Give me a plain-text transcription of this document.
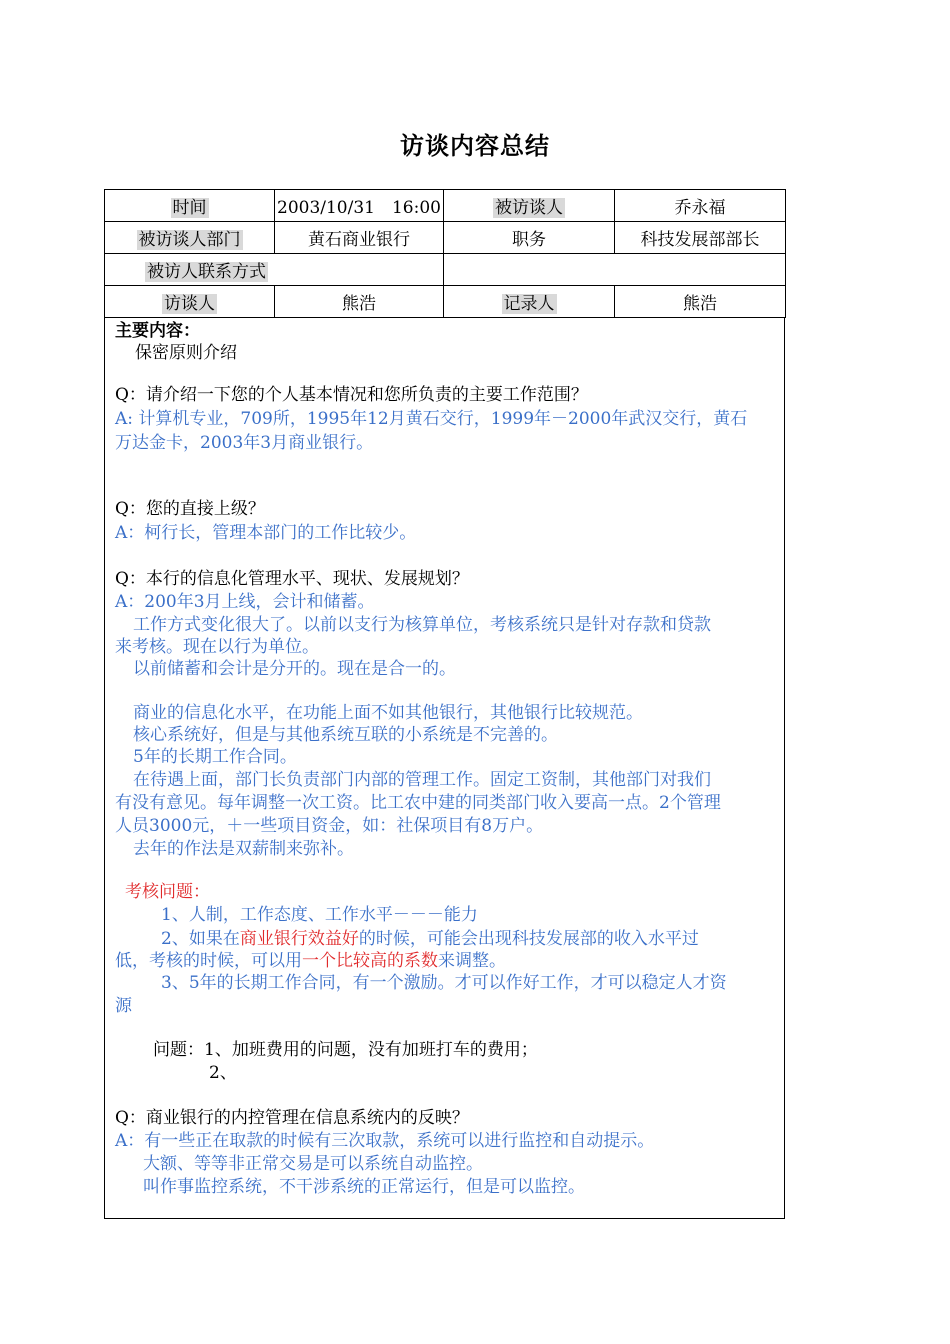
访谈内容总结
时间	2003/10/31　16:00	被访谈人	乔永福
被访谈人部门	黄石商业银行	职务	科技发展部部长
被访人联系方式			
访谈人	熊浩	记录人	熊浩
主要内容：
保密原则介绍
Q：请介绍一下您的个人基本情况和您所负责的主要工作范围？
A: 计算机专业，709所，1995年12月黄石交行，1999年－2000年武汉交行，黄石
万达金卡，2003年3月商业银行。
Q：您的直接上级？
A：柯行长，管理本部门的工作比较少。
Q：本行的信息化管理水平、现状、发展规划？
A：200年3月上线，会计和储蓄。
工作方式变化很大了。以前以支行为核算单位，考核系统只是针对存款和贷款
来考核。现在以行为单位。
以前储蓄和会计是分开的。现在是合一的。
商业的信息化水平，在功能上面不如其他银行，其他银行比较规范。
核心系统好，但是与其他系统互联的小系统是不完善的。
5年的长期工作合同。
在待遇上面，部门长负责部门内部的管理工作。固定工资制，其他部门对我们
有没有意见。每年调整一次工资。比工农中建的同类部门收入要高一点。2个管理
人员3000元，＋一些项目资金，如：社保项目有8万户。
去年的作法是双薪制来弥补。
考核问题：
1、人制，工作态度、工作水平－－－能力
2、如果在商业银行效益好的时候，可能会出现科技发展部的收入水平过
低，考核的时候，可以用一个比较高的系数来调整。
3、5年的长期工作合同，有一个激励。才可以作好工作，才可以稳定人才资
源
问题：1、加班费用的问题，没有加班打车的费用；
2、
Q：商业银行的内控管理在信息系统内的反映？
A：有一些正在取款的时候有三次取款，系统可以进行监控和自动提示。
大额、等等非正常交易是可以系统自动监控。
叫作事监控系统，不干涉系统的正常运行，但是可以监控。
